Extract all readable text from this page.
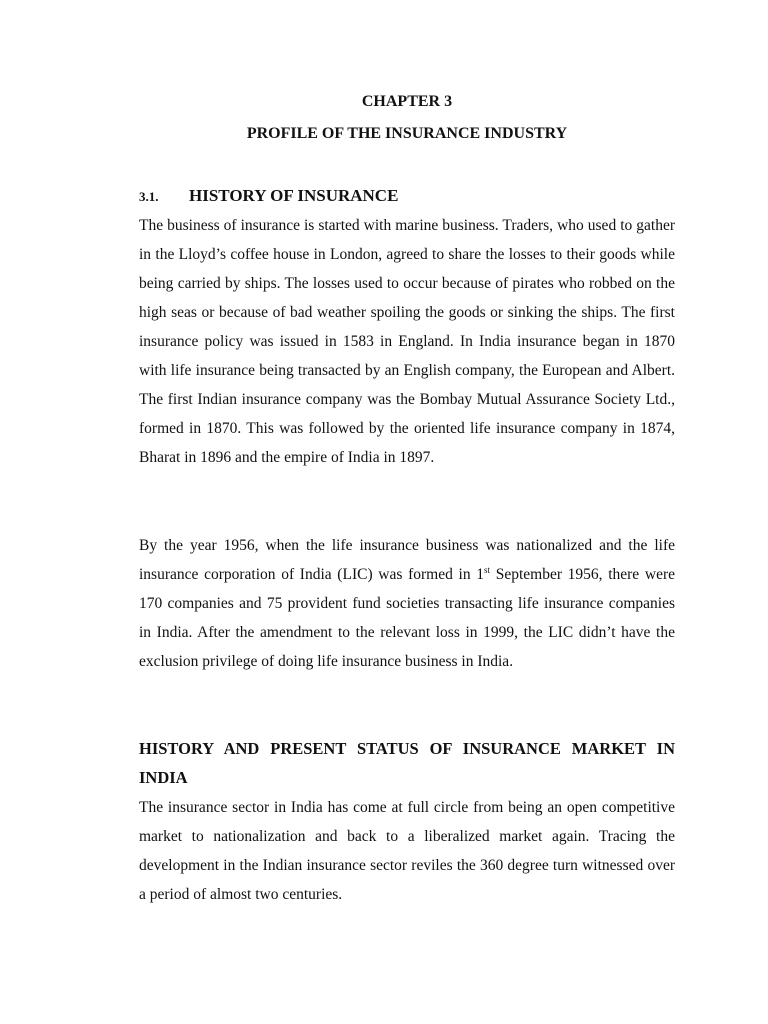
CHAPTER 3
PROFILE OF THE INSURANCE INDUSTRY
3.1. HISTORY OF INSURANCE

The business of insurance is started with marine business. Traders, who used to gather in the Lloyd’s coffee house in London, agreed to share the losses to their goods while being carried by ships. The losses used to occur because of pirates who robbed on the high seas or because of bad weather spoiling the goods or sinking the ships. The first insurance policy was issued in 1583 in England. In India insurance began in 1870 with life insurance being transacted by an English company, the European and Albert. The first Indian insurance company was the Bombay Mutual Assurance Society Ltd., formed in 1870. This was followed by the oriented life insurance company in 1874, Bharat in 1896 and the empire of India in 1897.

By the year 1956, when the life insurance business was nationalized and the life insurance corporation of India (LIC) was formed in 1st September 1956, there were 170 companies and 75 provident fund societies transacting life insurance companies in India. After the amendment to the relevant loss in 1999, the LIC didn’t have the exclusion privilege of doing life insurance business in India.

HISTORY AND PRESENT STATUS OF INSURANCE MARKET IN INDIA

The insurance sector in India has come at full circle from being an open competitive market to nationalization and back to a liberalized market again. Tracing the development in the Indian insurance sector reviles the 360 degree turn witnessed over a period of almost two centuries.
